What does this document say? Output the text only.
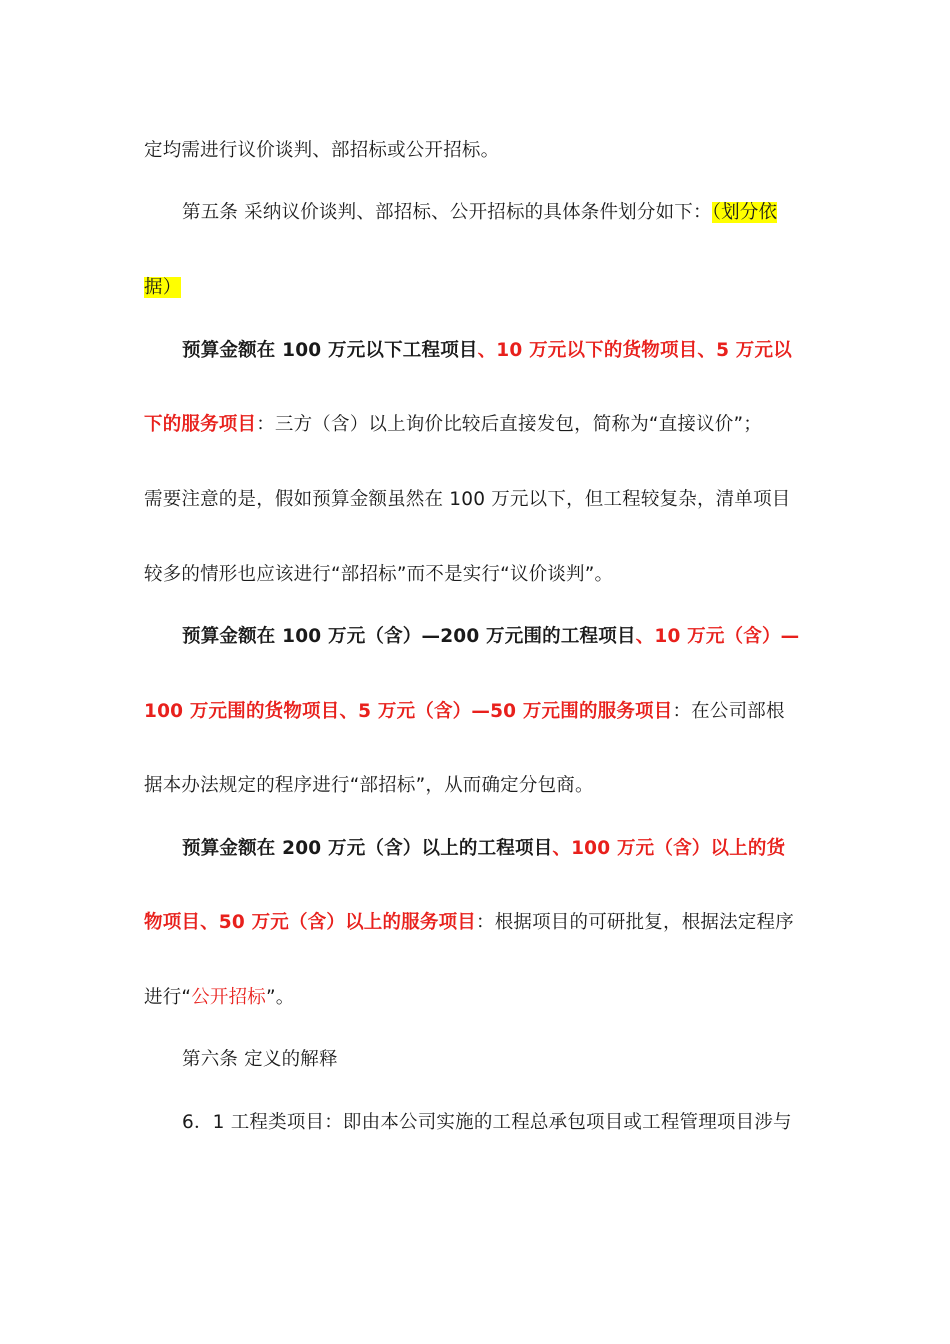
定均需进行议价谈判、部招标或公开招标。
第五条 采纳议价谈判、部招标、公开招标的具体条件划分如下：（划分依
据）
预算金额在 100 万元以下工程项目、10 万元以下的货物项目、5 万元以
下的服务项目：三方（含）以上询价比较后直接发包，简称为“直接议价”；
需要注意的是，假如预算金额虽然在 100 万元以下，但工程较复杂，清单项目
较多的情形也应该进行“部招标”而不是实行“议价谈判”。
预算金额在 100 万元（含）—200 万元围的工程项目、10 万元（含）—
100 万元围的货物项目、5 万元（含）—50 万元围的服务项目：在公司部根
据本办法规定的程序进行“部招标”，从而确定分包商。
预算金额在 200 万元（含）以上的工程项目、100 万元（含）以上的货
物项目、50 万元（含）以上的服务项目：根据项目的可研批复，根据法定程序
进行“公开招标”。
第六条 定义的解释
6．1 工程类项目：即由本公司实施的工程总承包项目或工程管理项目涉与
